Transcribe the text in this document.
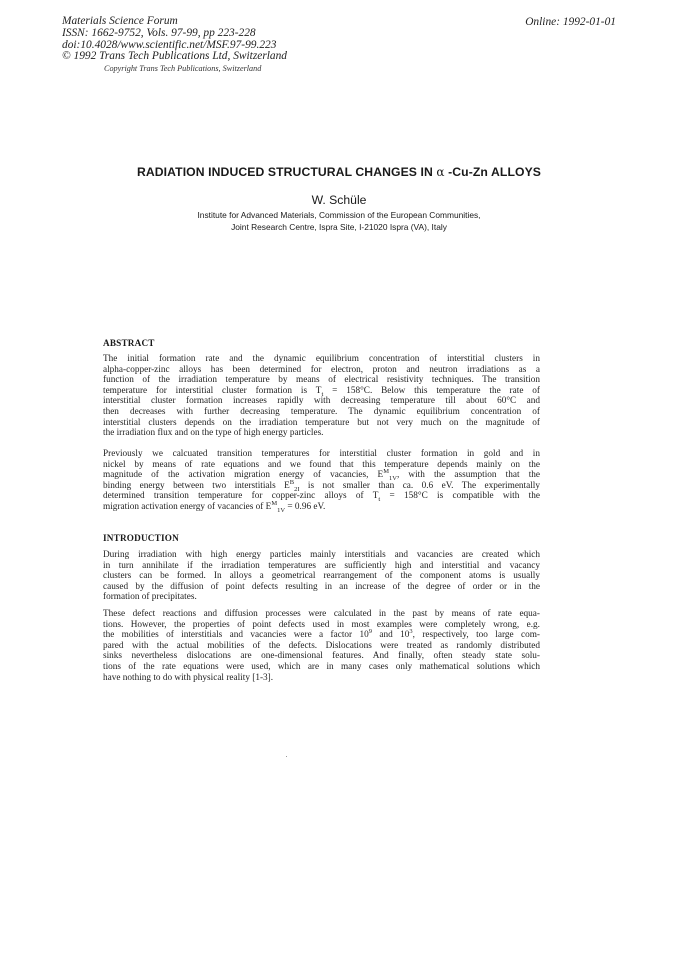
Materials Science Forum
ISSN: 1662-9752, Vols. 97-99, pp 223-228
doi:10.4028/www.scientific.net/MSF.97-99.223
© 1992 Trans Tech Publications Ltd, Switzerland
Online: 1992-01-01
Copyright Trans Tech Publications, Switzerland
RADIATION INDUCED STRUCTURAL CHANGES IN α -Cu-Zn ALLOYS
W. Schüle
Institute for Advanced Materials, Commission of the European Communities,
Joint Research Centre, Ispra Site, I-21020 Ispra (VA), Italy
ABSTRACT
The initial formation rate and the dynamic equilibrium concentration of interstitial clusters in
alpha-copper-zinc alloys has been determined for electron, proton and neutron irradiations as a
function of the irradiation temperature by means of electrical resistivity techniques. The transition
temperature for interstitial cluster formation is $T_t = 158^\circ C$. Below this temperature the rate of
interstitial cluster formation increases rapidly with decreasing temperature till about 60°C and
then decreases with further decreasing temperature. The dynamic equilibrium concentration of
interstitial clusters depends on the irradiation temperature but not very much on the magnitude of
the irradiation flux and on the type of high energy particles.
Previously we calcuated transition temperatures for interstitial cluster formation in gold and in
nickel by means of rate equations and we found that this temperature depends mainly on the
magnitude of the activation migration energy of vacancies, $E^M_{1V}$, with the assumption that the
binding energy between two interstitials $E^B_{2I}$ is not smaller than ca. 0.6 eV. The experimentally
determined transition temperature for copper-zinc alloys of $T_t = 158^\circ C$ is compatible with the
migration activation energy of vacancies of $E^M_{1V} = 0.96$ eV.
INTRODUCTION
During irradiation with high energy particles mainly interstitials and vacancies are created which
in turn annihilate if the irradiation temperatures are sufficiently high and interstitial and vacancy
clusters can be formed. In alloys a geometrical rearrangement of the component atoms is usually
caused by the diffusion of point defects resulting in an increase of the degree of order or in the
formation of precipitates.
These defect reactions and diffusion processes were calculated in the past by means of rate equa-
tions. However, the properties of point defects used in most examples were completely wrong, e.g.
the mobilities of interstitials and vacancies were a factor $10^9$ and $10^3$, respectively, too large com-
pared with the actual mobilities of the defects. Dislocations were treated as randomly distributed
sinks nevertheless dislocations are one-dimensional features. And finally, often steady state solu-
tions of the rate equations were used, which are in many cases only mathematical solutions which
have nothing to do with physical reality [1-3].
